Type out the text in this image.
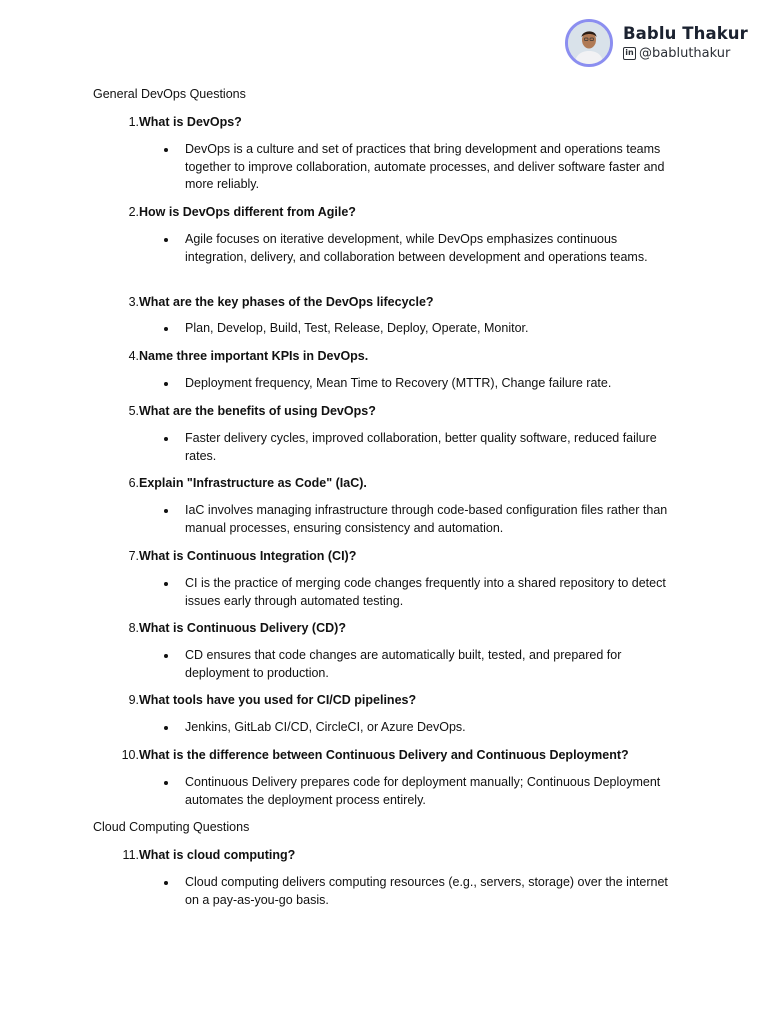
Bablu Thakur
in @babluthakur
General DevOps Questions
1. What is DevOps?
DevOps is a culture and set of practices that bring development and operations teams together to improve collaboration, automate processes, and deliver software faster and more reliably.
2. How is DevOps different from Agile?
Agile focuses on iterative development, while DevOps emphasizes continuous integration, delivery, and collaboration between development and operations teams.
3. What are the key phases of the DevOps lifecycle?
Plan, Develop, Build, Test, Release, Deploy, Operate, Monitor.
4. Name three important KPIs in DevOps.
Deployment frequency, Mean Time to Recovery (MTTR), Change failure rate.
5. What are the benefits of using DevOps?
Faster delivery cycles, improved collaboration, better quality software, reduced failure rates.
6. Explain "Infrastructure as Code" (IaC).
IaC involves managing infrastructure through code-based configuration files rather than manual processes, ensuring consistency and automation.
7. What is Continuous Integration (CI)?
CI is the practice of merging code changes frequently into a shared repository to detect issues early through automated testing.
8. What is Continuous Delivery (CD)?
CD ensures that code changes are automatically built, tested, and prepared for deployment to production.
9. What tools have you used for CI/CD pipelines?
Jenkins, GitLab CI/CD, CircleCI, or Azure DevOps.
10. What is the difference between Continuous Delivery and Continuous Deployment?
Continuous Delivery prepares code for deployment manually; Continuous Deployment automates the deployment process entirely.
Cloud Computing Questions
11. What is cloud computing?
Cloud computing delivers computing resources (e.g., servers, storage) over the internet on a pay-as-you-go basis.
